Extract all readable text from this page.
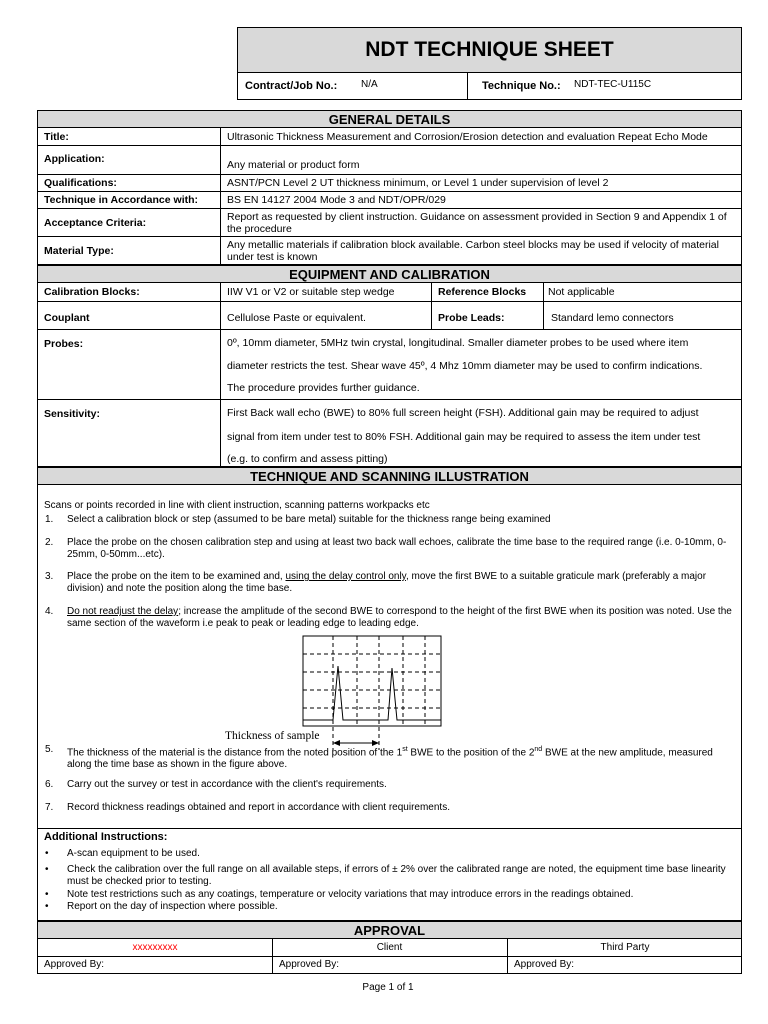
NDT TECHNIQUE SHEET
Contract/Job No.: N/A	Technique No.: NDT-TEC-U115C
GENERAL DETAILS
Title:	Ultrasonic Thickness Measurement and Corrosion/Erosion detection and evaluation Repeat Echo Mode
Application:	Any material or product form
Qualifications:	ASNT/PCN Level 2 UT thickness minimum, or Level 1 under supervision of level 2
Technique in Accordance with:	BS EN 14127 2004 Mode 3 and NDT/OPR/029
Acceptance Criteria:	Report as requested by client instruction. Guidance on assessment provided in Section 9 and Appendix 1 of the procedure
Material Type:	Any metallic materials if calibration block available. Carbon steel blocks may be used if velocity of material under test is known
EQUIPMENT AND CALIBRATION
Calibration Blocks:	IIW V1 or V2 or suitable step wedge	Reference Blocks Not applicable
Couplant	Cellulose Paste or equivalent.	Probe Leads:	Standard lemo connectors
Probes:	0º, 10mm diameter, 5MHz twin crystal, longitudinal. Smaller diameter probes to be used where item
diameter restricts the test. Shear wave 45º, 4 Mhz 10mm diameter may be used to confirm indications.
The procedure provides further guidance.
Sensitivity:	First Back wall echo (BWE) to 80% full screen height (FSH). Additional gain may be required to adjust
signal from item under test to 80% FSH. Additional gain may be required to assess the item under test
(e.g. to confirm and assess pitting)
TECHNIQUE AND SCANNING ILLUSTRATION
Scans or points recorded in line with client instruction, scanning patterns workpacks etc
1. Select a calibration block or step (assumed to be bare metal) suitable for the thickness range being examined
2. Place the probe on the chosen calibration step and using at least two back wall echoes, calibrate the time base to the required range (i.e. 0-10mm, 0-25mm, 0-50mm...etc).
3. Place the probe on the item to be examined and, using the delay control only, move the first BWE to a suitable graticule mark (preferably a major division) and note the position along the time base.
4. Do not readjust the delay; increase the amplitude of the second BWE to correspond to the height of the first BWE when its position was noted. Use the same section of the waveform i.e peak to peak or leading edge to leading edge.
Thickness of sample
5. The thickness of the material is the distance from the noted position of the 1st BWE to the position of the 2nd BWE at the new amplitude, measured along the time base as shown in the figure above.
6. Carry out the survey or test in accordance with the client's requirements.
7. Record thickness readings obtained and report in accordance with client requirements.
Additional Instructions:
• A-scan equipment to be used.
• Check the calibration over the full range on all available steps, if errors of ± 2% over the calibrated range are noted, the equipment time base linearity must be checked prior to testing.
• Note test restrictions such as any coatings, temperature or velocity variations that may introduce errors in the readings obtained.
• Report on the day of inspection where possible.
APPROVAL
xxxxxxxxx	Client	Third Party
Approved By:	Approved By:	Approved By:
Page 1 of 1
